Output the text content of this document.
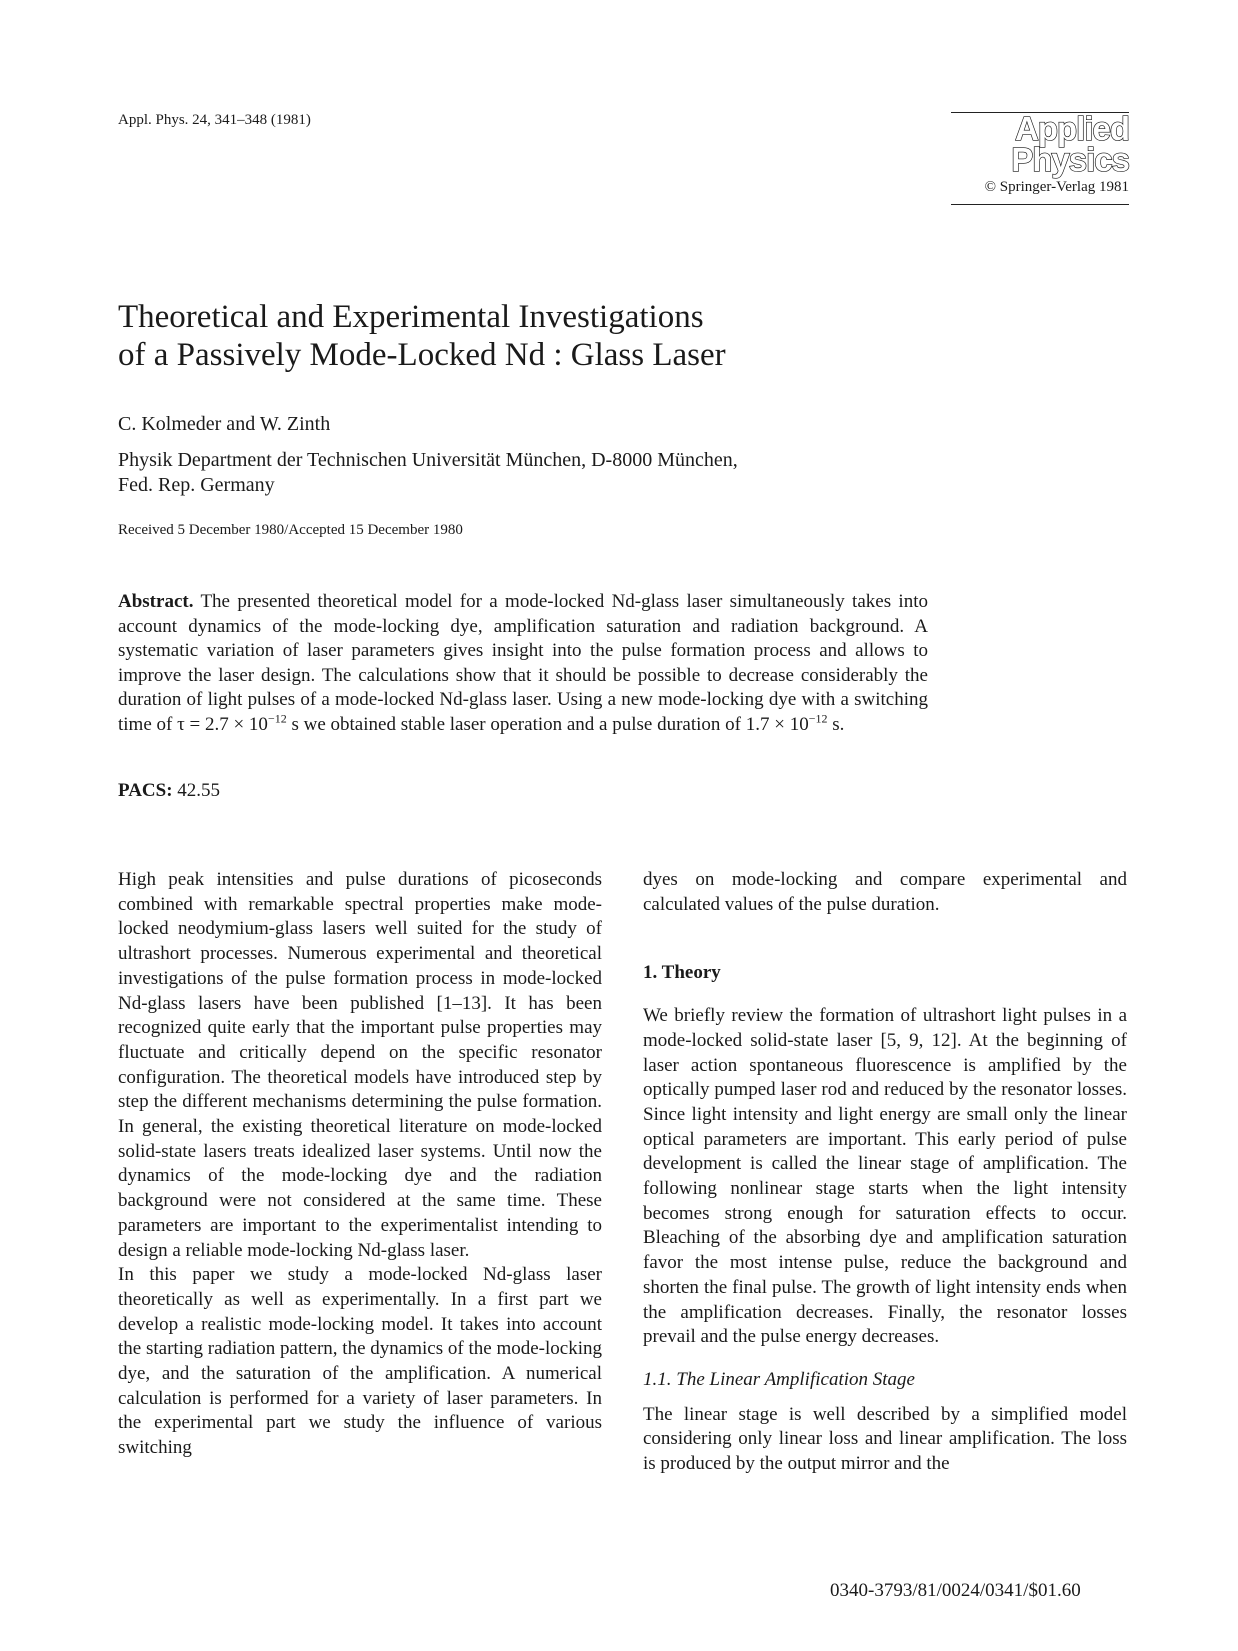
Appl. Phys. 24, 341–348 (1981)	Applied
Physics
© Springer-Verlag 1981
Theoretical and Experimental Investigations
of a Passively Mode-Locked Nd : Glass Laser
C. Kolmeder and W. Zinth
Physik Department der Technischen Universität München, D-8000 München,
Fed. Rep. Germany
Received 5 December 1980/Accepted 15 December 1980
Abstract. The presented theoretical model for a mode-locked Nd-glass laser simultaneously takes into account dynamics of the mode-locking dye, amplification saturation and radiation background. A systematic variation of laser parameters gives insight into the pulse formation process and allows to improve the laser design. The calculations show that it should be possible to decrease considerably the duration of light pulses of a mode-locked Nd-glass laser. Using a new mode-locking dye with a switching time of $\tau = 2.7 \times 10^{-12}$ s we obtained stable laser operation and a pulse duration of $1.7 \times 10^{-12}$ s.
PACS: 42.55

High peak intensities and pulse durations of picoseconds combined with remarkable spectral properties make mode-locked neodymium-glass lasers well suited for the study of ultrashort processes. Numerous experimental and theoretical investigations of the pulse formation process in mode-locked Nd-glass lasers have been published [1–13]. It has been recognized quite early that the important pulse properties may fluctuate and critically depend on the specific resonator configuration. The theoretical models have introduced step by step the different mechanisms determining the pulse formation. In general, the existing theoretical literature on mode-locked solid-state lasers treats idealized laser systems. Until now the dynamics of the mode-locking dye and the radiation background were not considered at the same time. These parameters are important to the experimentalist intending to design a reliable mode-locking Nd-glass laser.

In this paper we study a mode-locked Nd-glass laser theoretically as well as experimentally. In a first part we develop a realistic mode-locking model. It takes into account the starting radiation pattern, the dynamics of the mode-locking dye, and the saturation of the amplification. A numerical calculation is performed for a variety of laser parameters. In the experimental part we study the influence of various switching

dyes on mode-locking and compare experimental and calculated values of the pulse duration.

1. Theory

We briefly review the formation of ultrashort light pulses in a mode-locked solid-state laser [5, 9, 12]. At the beginning of laser action spontaneous fluorescence is amplified by the optically pumped laser rod and reduced by the resonator losses. Since light intensity and light energy are small only the linear optical parameters are important. This early period of pulse development is called the linear stage of amplification. The following nonlinear stage starts when the light intensity becomes strong enough for saturation effects to occur. Bleaching of the absorbing dye and amplification saturation favor the most intense pulse, reduce the background and shorten the final pulse. The growth of light intensity ends when the amplification decreases. Finally, the resonator losses prevail and the pulse energy decreases.

1.1. The Linear Amplification Stage

The linear stage is well described by a simplified model considering only linear loss and linear amplification. The loss is produced by the output mirror and the

0340-3793/81/0024/0341/$01.60
